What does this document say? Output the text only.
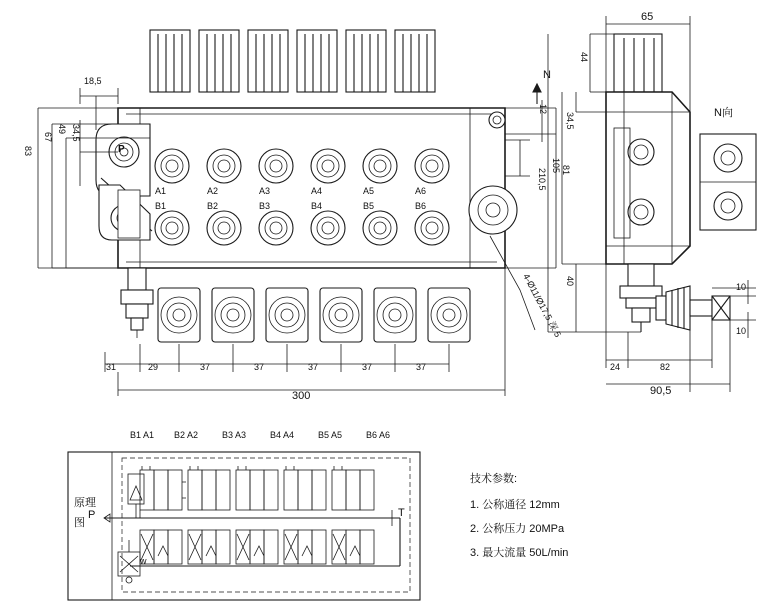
P
A1	A2	A3	A4	A5	A6
B1	B2	B3	B4	B5	B6
18,5
34,5
49
67
83
31	29	37	37	37	37	37
300
12
81
N
4-Ø11/Ø17,5 深 5
65
44
34,5
105
210,5
40
24	82
90,5
10
10
N向
B1 A1 B2 A2	B3 A3	B4 A4	B5 A5	B6 A6
P	T
w
原理
图
技术参数:
1. 公称通径 12mm
2. 公称压力 20MPa
3. 最大流量 50L/min
